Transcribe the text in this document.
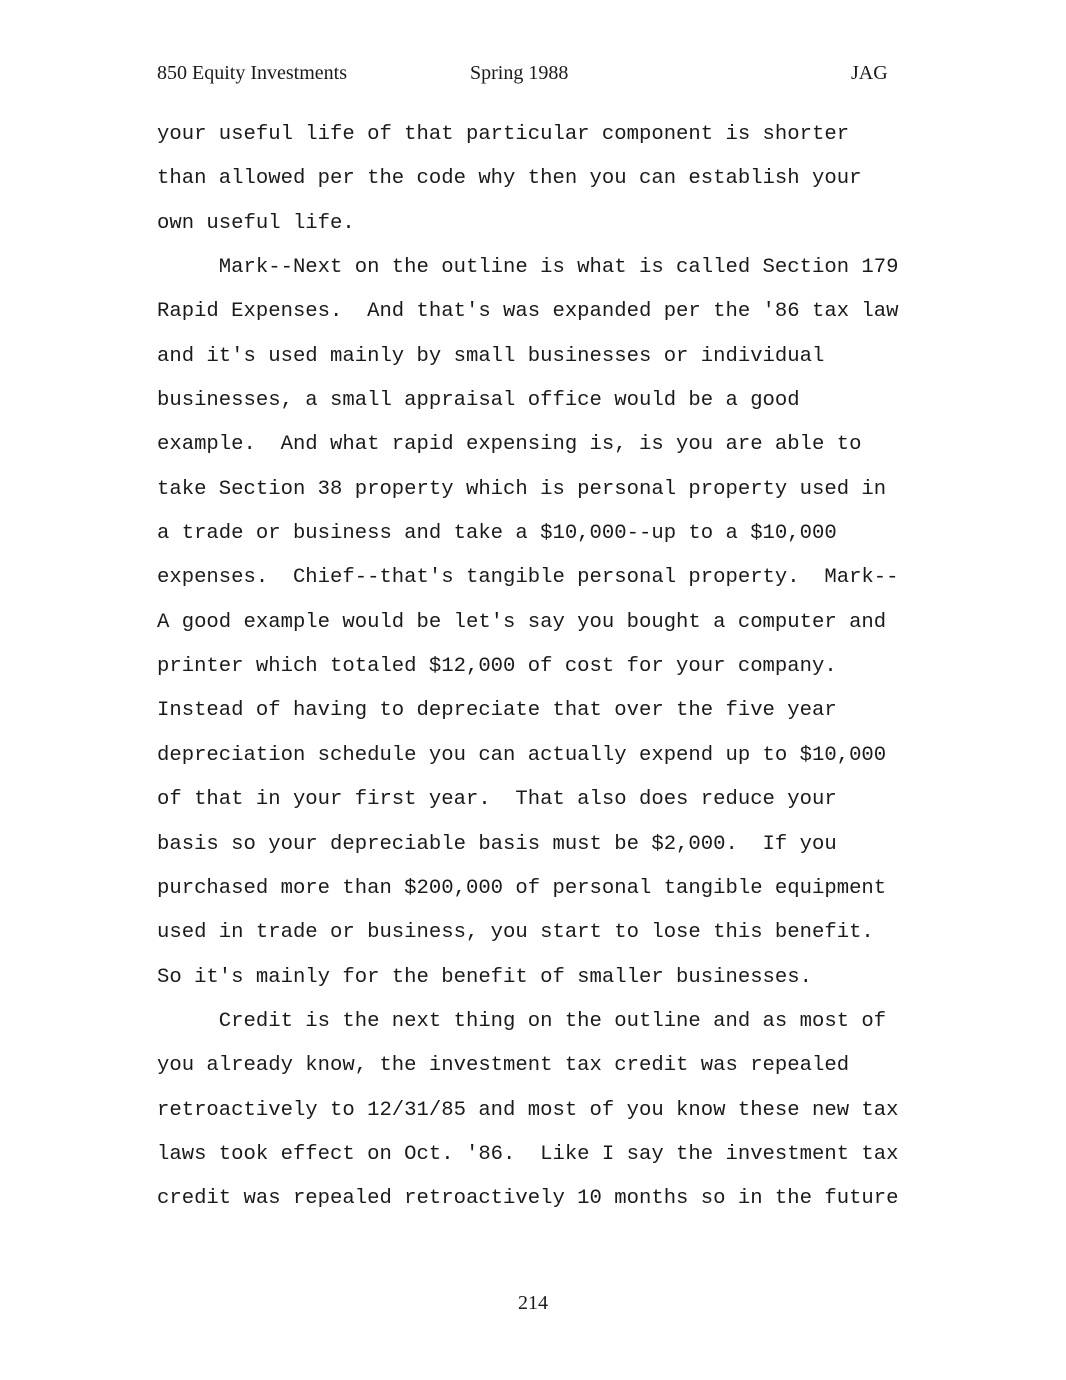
850 Equity Investments	Spring 1988	JAG
your useful life of that particular component is shorter
than allowed per the code why then you can establish your
own useful life.
Mark--Next on the outline is what is called Section 179
Rapid Expenses.  And that's was expanded per the '86 tax law
and it's used mainly by small businesses or individual
businesses, a small appraisal office would be a good
example.  And what rapid expensing is, is you are able to
take Section 38 property which is personal property used in
a trade or business and take a $10,000--up to a $10,000
expenses.  Chief--that's tangible personal property.  Mark--
A good example would be let's say you bought a computer and
printer which totaled $12,000 of cost for your company.
Instead of having to depreciate that over the five year
depreciation schedule you can actually expend up to $10,000
of that in your first year.  That also does reduce your
basis so your depreciable basis must be $2,000.  If you
purchased more than $200,000 of personal tangible equipment
used in trade or business, you start to lose this benefit.
So it's mainly for the benefit of smaller businesses.
Credit is the next thing on the outline and as most of
you already know, the investment tax credit was repealed
retroactively to 12/31/85 and most of you know these new tax
laws took effect on Oct. '86.  Like I say the investment tax
credit was repealed retroactively 10 months so in the future
214
